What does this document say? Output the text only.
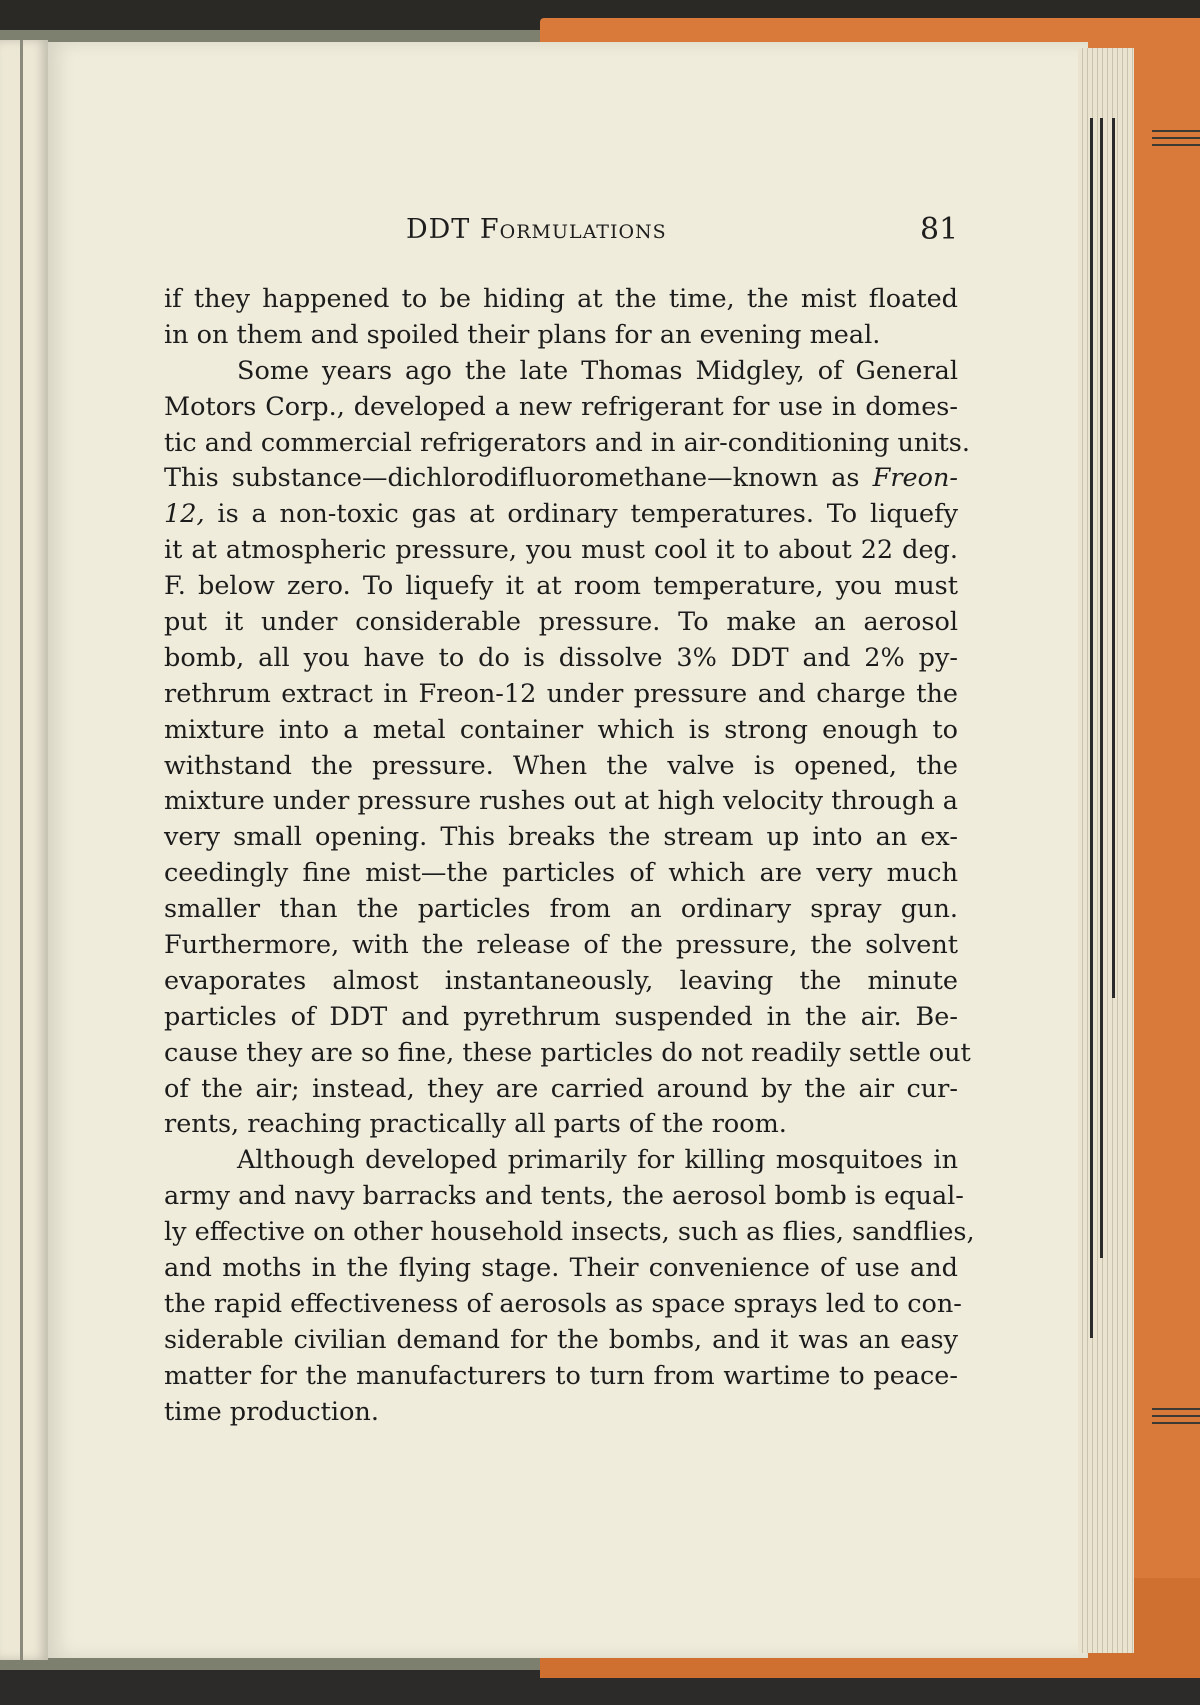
DDT Formulations	81
if they happened to be hiding at the time, the mist floated
in on them and spoiled their plans for an evening meal.
Some years ago the late Thomas Midgley, of General
Motors Corp., developed a new refrigerant for use in domes-
tic and commercial refrigerators and in air-conditioning units.
This substance—dichlorodifluoromethane—known as Freon-
12, is a non-toxic gas at ordinary temperatures. To liquefy
it at atmospheric pressure, you must cool it to about 22 deg.
F. below zero. To liquefy it at room temperature, you must
put it under considerable pressure. To make an aerosol
bomb, all you have to do is dissolve 3% DDT and 2% py-
rethrum extract in Freon-12 under pressure and charge the
mixture into a metal container which is strong enough to
withstand the pressure. When the valve is opened, the
mixture under pressure rushes out at high velocity through a
very small opening. This breaks the stream up into an ex-
ceedingly fine mist—the particles of which are very much
smaller than the particles from an ordinary spray gun.
Furthermore, with the release of the pressure, the solvent
evaporates almost instantaneously, leaving the minute
particles of DDT and pyrethrum suspended in the air. Be-
cause they are so fine, these particles do not readily settle out
of the air; instead, they are carried around by the air cur-
rents, reaching practically all parts of the room.
Although developed primarily for killing mosquitoes in
army and navy barracks and tents, the aerosol bomb is equal-
ly effective on other household insects, such as flies, sandflies,
and moths in the flying stage. Their convenience of use and
the rapid effectiveness of aerosols as space sprays led to con-
siderable civilian demand for the bombs, and it was an easy
matter for the manufacturers to turn from wartime to peace-
time production.
